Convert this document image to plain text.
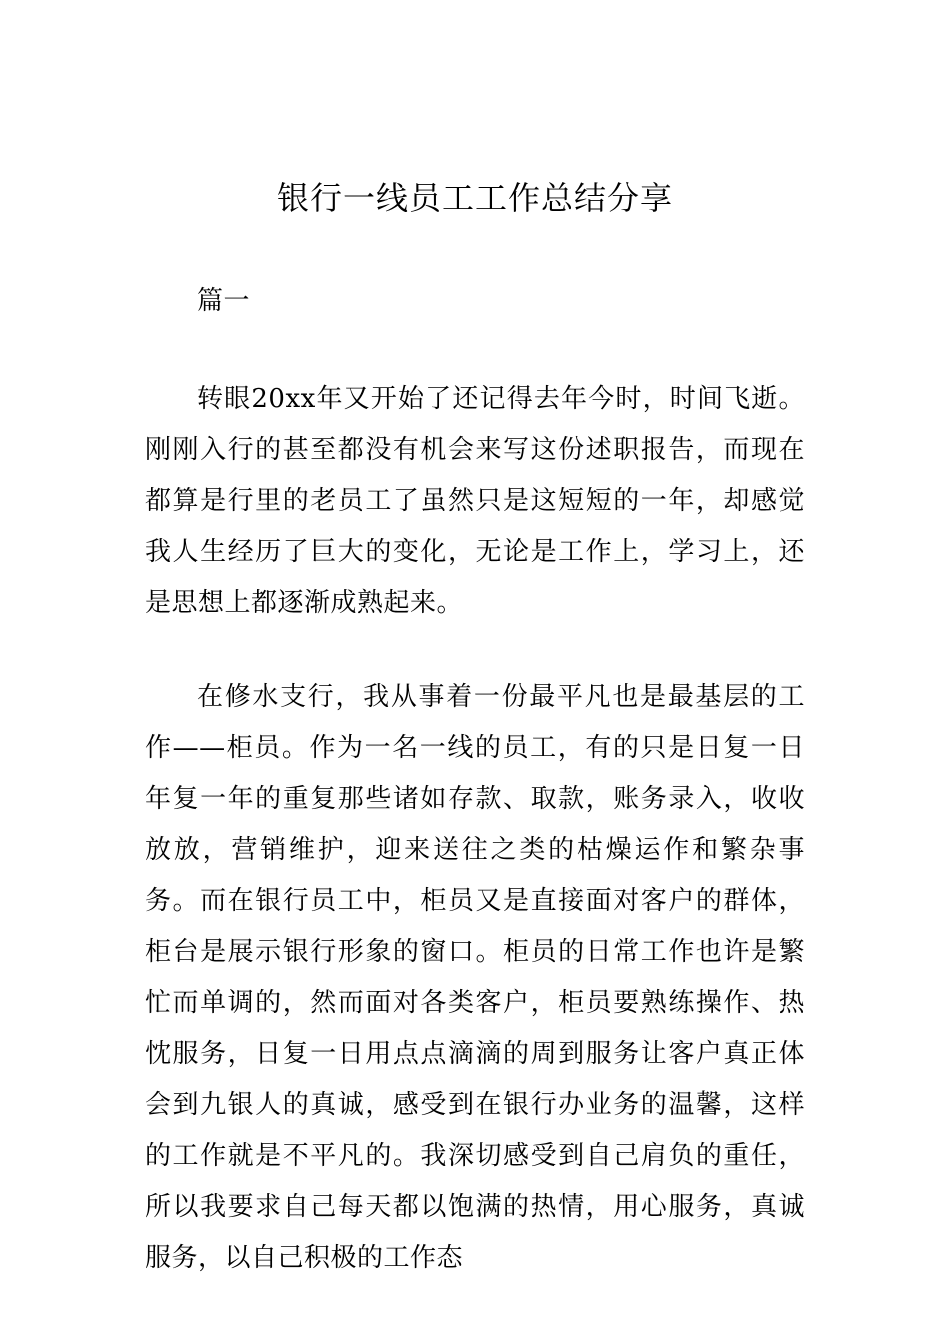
银行一线员工工作总结分享
篇一
转眼20xx年又开始了还记得去年今时，时间飞逝。刚刚入行的甚至都没有机会来写这份述职报告，而现在都算是行里的老员工了虽然只是这短短的一年，却感觉我人生经历了巨大的变化，无论是工作上，学习上，还是思想上都逐渐成熟起来。
在修水支行，我从事着一份最平凡也是最基层的工作——柜员。作为一名一线的员工，有的只是日复一日年复一年的重复那些诸如存款、取款，账务录入，收收放放，营销维护，迎来送往之类的枯燥运作和繁杂事务。而在银行员工中，柜员又是直接面对客户的群体，柜台是展示银行形象的窗口。柜员的日常工作也许是繁忙而单调的，然而面对各类客户，柜员要熟练操作、热忱服务，日复一日用点点滴滴的周到服务让客户真正体会到九银人的真诚，感受到在银行办业务的温馨，这样的工作就是不平凡的。我深切感受到自己肩负的重任，所以我要求自己每天都以饱满的热情，用心服务，真诚服务，以自己积极的工作态
